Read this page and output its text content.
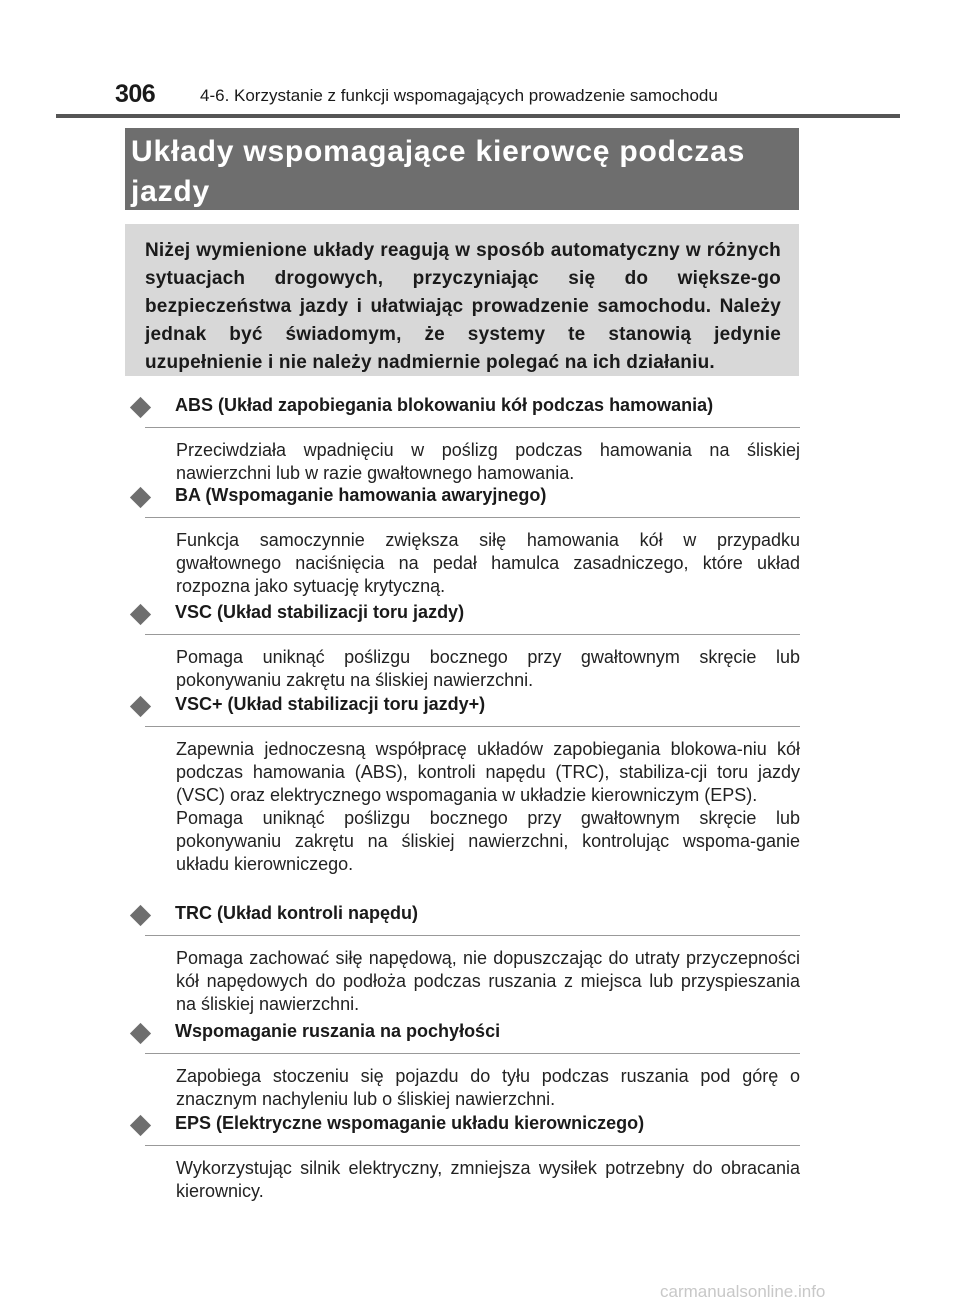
306	4-6. Korzystanie z funkcji wspomagających prowadzenie samochodu
Układy wspomagające kierowcę podczas jazdy
Niżej wymienione układy reagują w sposób automatyczny w różnych sytuacjach drogowych, przyczyniając się do większe-go bezpieczeństwa jazdy i ułatwiając prowadzenie samochodu. Należy jednak być świadomym, że systemy te stanowią jedynie uzupełnienie i nie należy nadmiernie polegać na ich działaniu.
ABS (Układ zapobiegania blokowaniu kół podczas hamowania)

Przeciwdziała wpadnięciu w poślizg podczas hamowania na śliskiej nawierzchni lub w razie gwałtownego hamowania.

BA (Wspomaganie hamowania awaryjnego)

Funkcja samoczynnie zwiększa siłę hamowania kół w przypadku gwałtownego naciśnięcia na pedał hamulca zasadniczego, które układ rozpozna jako sytuację krytyczną.

VSC (Układ stabilizacji toru jazdy)

Pomaga uniknąć poślizgu bocznego przy gwałtownym skręcie lub pokonywaniu zakrętu na śliskiej nawierzchni.

VSC+ (Układ stabilizacji toru jazdy+)

Zapewnia jednoczesną współpracę układów zapobiegania blokowa-niu kół podczas hamowania (ABS), kontroli napędu (TRC), stabiliza-cji toru jazdy (VSC) oraz elektrycznego wspomagania w układzie kierowniczym (EPS).

Pomaga uniknąć poślizgu bocznego przy gwałtownym skręcie lub pokonywaniu zakrętu na śliskiej nawierzchni, kontrolując wspoma-ganie układu kierowniczego.

TRC (Układ kontroli napędu)

Pomaga zachować siłę napędową, nie dopuszczając do utraty przyczepności kół napędowych do podłoża podczas ruszania z miejsca lub przyspieszania na śliskiej nawierzchni.

Wspomaganie ruszania na pochyłości

Zapobiega stoczeniu się pojazdu do tyłu podczas ruszania pod górę o znacznym nachyleniu lub o śliskiej nawierzchni.

EPS (Elektryczne wspomaganie układu kierowniczego)

Wykorzystując silnik elektryczny, zmniejsza wysiłek potrzebny do obracania kierownicy.

carmanualsonline.info
